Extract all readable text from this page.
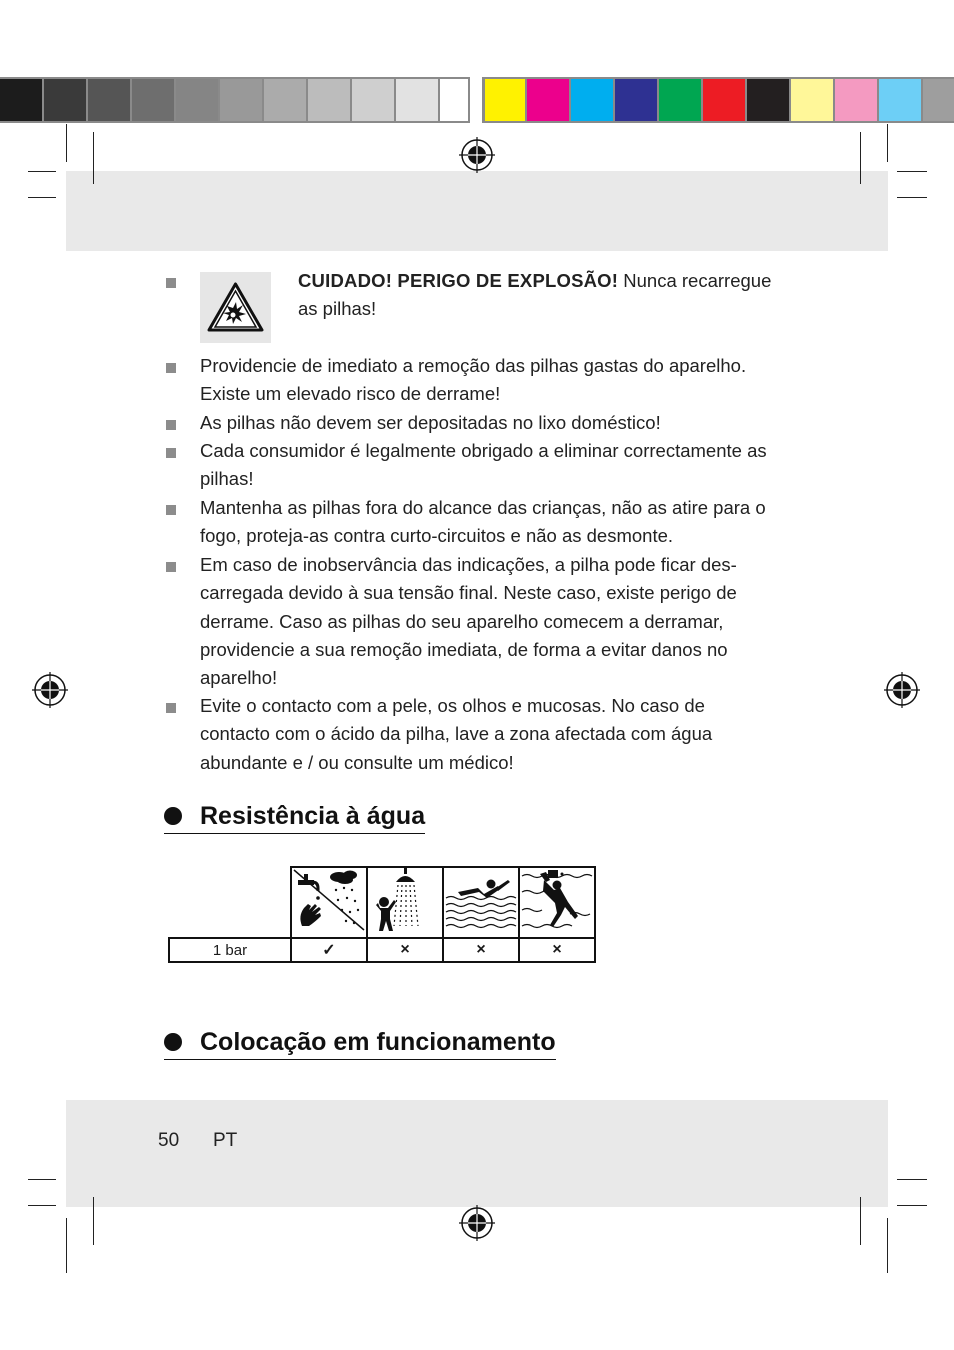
CUIDADO! PERIGO DE EXPLOSÃO! Nunca recarregue
as pilhas!

Providencie de imediato a remoção das pilhas gastas do aparelho.
Existe um elevado risco de derrame!

As pilhas não devem ser depositadas no lixo doméstico!

Cada consumidor é legalmente obrigado a eliminar correctamente as
pilhas!

Mantenha as pilhas fora do alcance das crianças, não as atire para o
fogo, proteja-as contra curto-circuitos e não as desmonte.

Em caso de inobservância das indicações, a pilha pode ficar des-
carregada devido à sua tensão final. Neste caso, existe perigo de
derrame. Caso as pilhas do seu aparelho comecem a derramar,
providencie a sua remoção imediata, de forma a evitar danos no
aparelho!

Evite o contacto com a pele, os olhos e mucosas. No caso de
contacto com o ácido da pilha, lave a zona afectada com água
abundante e / ou consulte um médico!

Resistência à água

1 bar	✓	×	×	×
Colocação em funcionamento
50 PT
